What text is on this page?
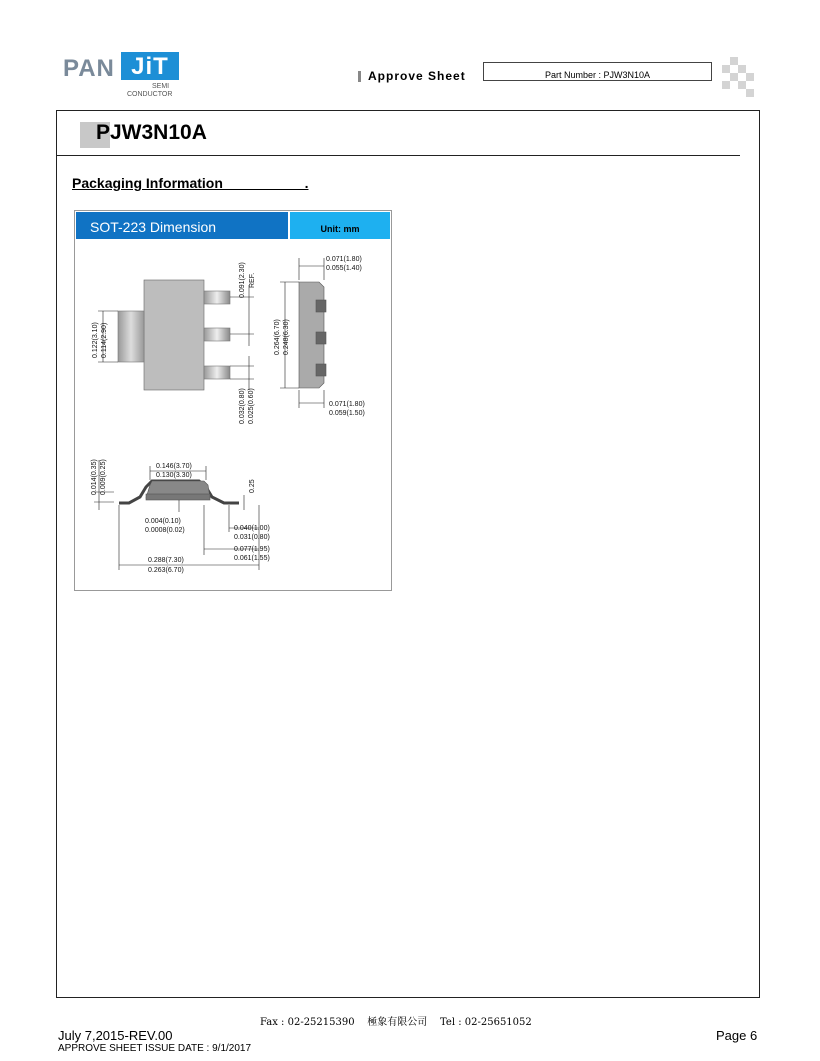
PAN JiT
SEMI
CONDUCTOR
Approve Sheet	Part Number : PJW3N10A
PJW3N10A
Packaging Information                     .
SOT-223 Dimension	Unit: mm
0.071(1.80)
0.055(1.40)
0.071(1.80)
0.059(1.50)
0.146(3.70)
0.130(3.30)
0.004(0.10)
0.0008(0.02)	0.040(1.00)
0.031(0.80)
0.077(1.95)
0.061(1.55)
0.288(7.30)
0.263(6.70)
0.091(2.30) REF.
0.122(3.10) 0.114(2.90)	0.264(6.70) 0.248(6.30)
0.032(0.80) 0.025(0.60)
0.014(0.35) 0.009(0.25)	0.25
Fax : 02-25215390    極象有限公司    Tel : 02-25651052
July 7,2015-REV.00
APPROVE SHEET ISSUE DATE : 9/1/2017
Page 6
